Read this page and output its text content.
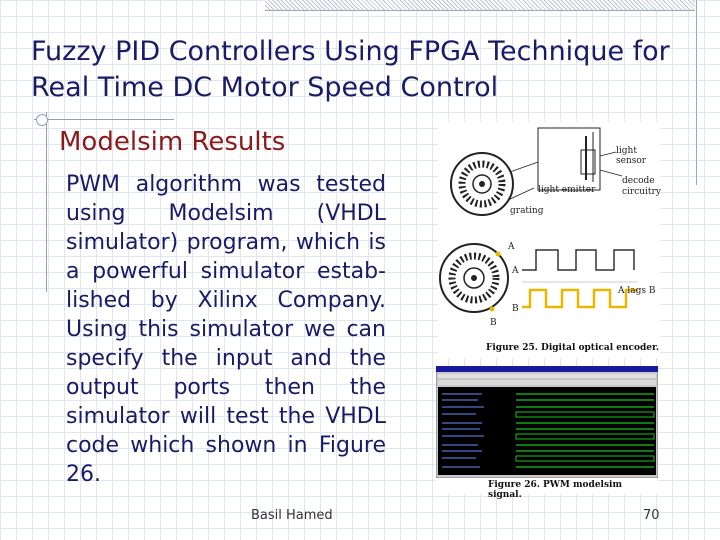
Fuzzy PID Controllers Using FPGA Technique for Real Time DC Motor Speed Control
Modelsim Results

PWM algorithm was tested using Modelsim (VHDL simulator) program, which is a powerful simulator estab- lished by Xilinx Company. Using this simulator we can specify the input and the output ports then the simulator will test the VHDL code which shown in Figure 26.

light sensor
decode
circuitry
light emitter
grating
A
A
B
B
A lags B
Figure 25. Digital optical encoder.
Figure 26. PWM modelsim signal.
Basil Hamed	70
